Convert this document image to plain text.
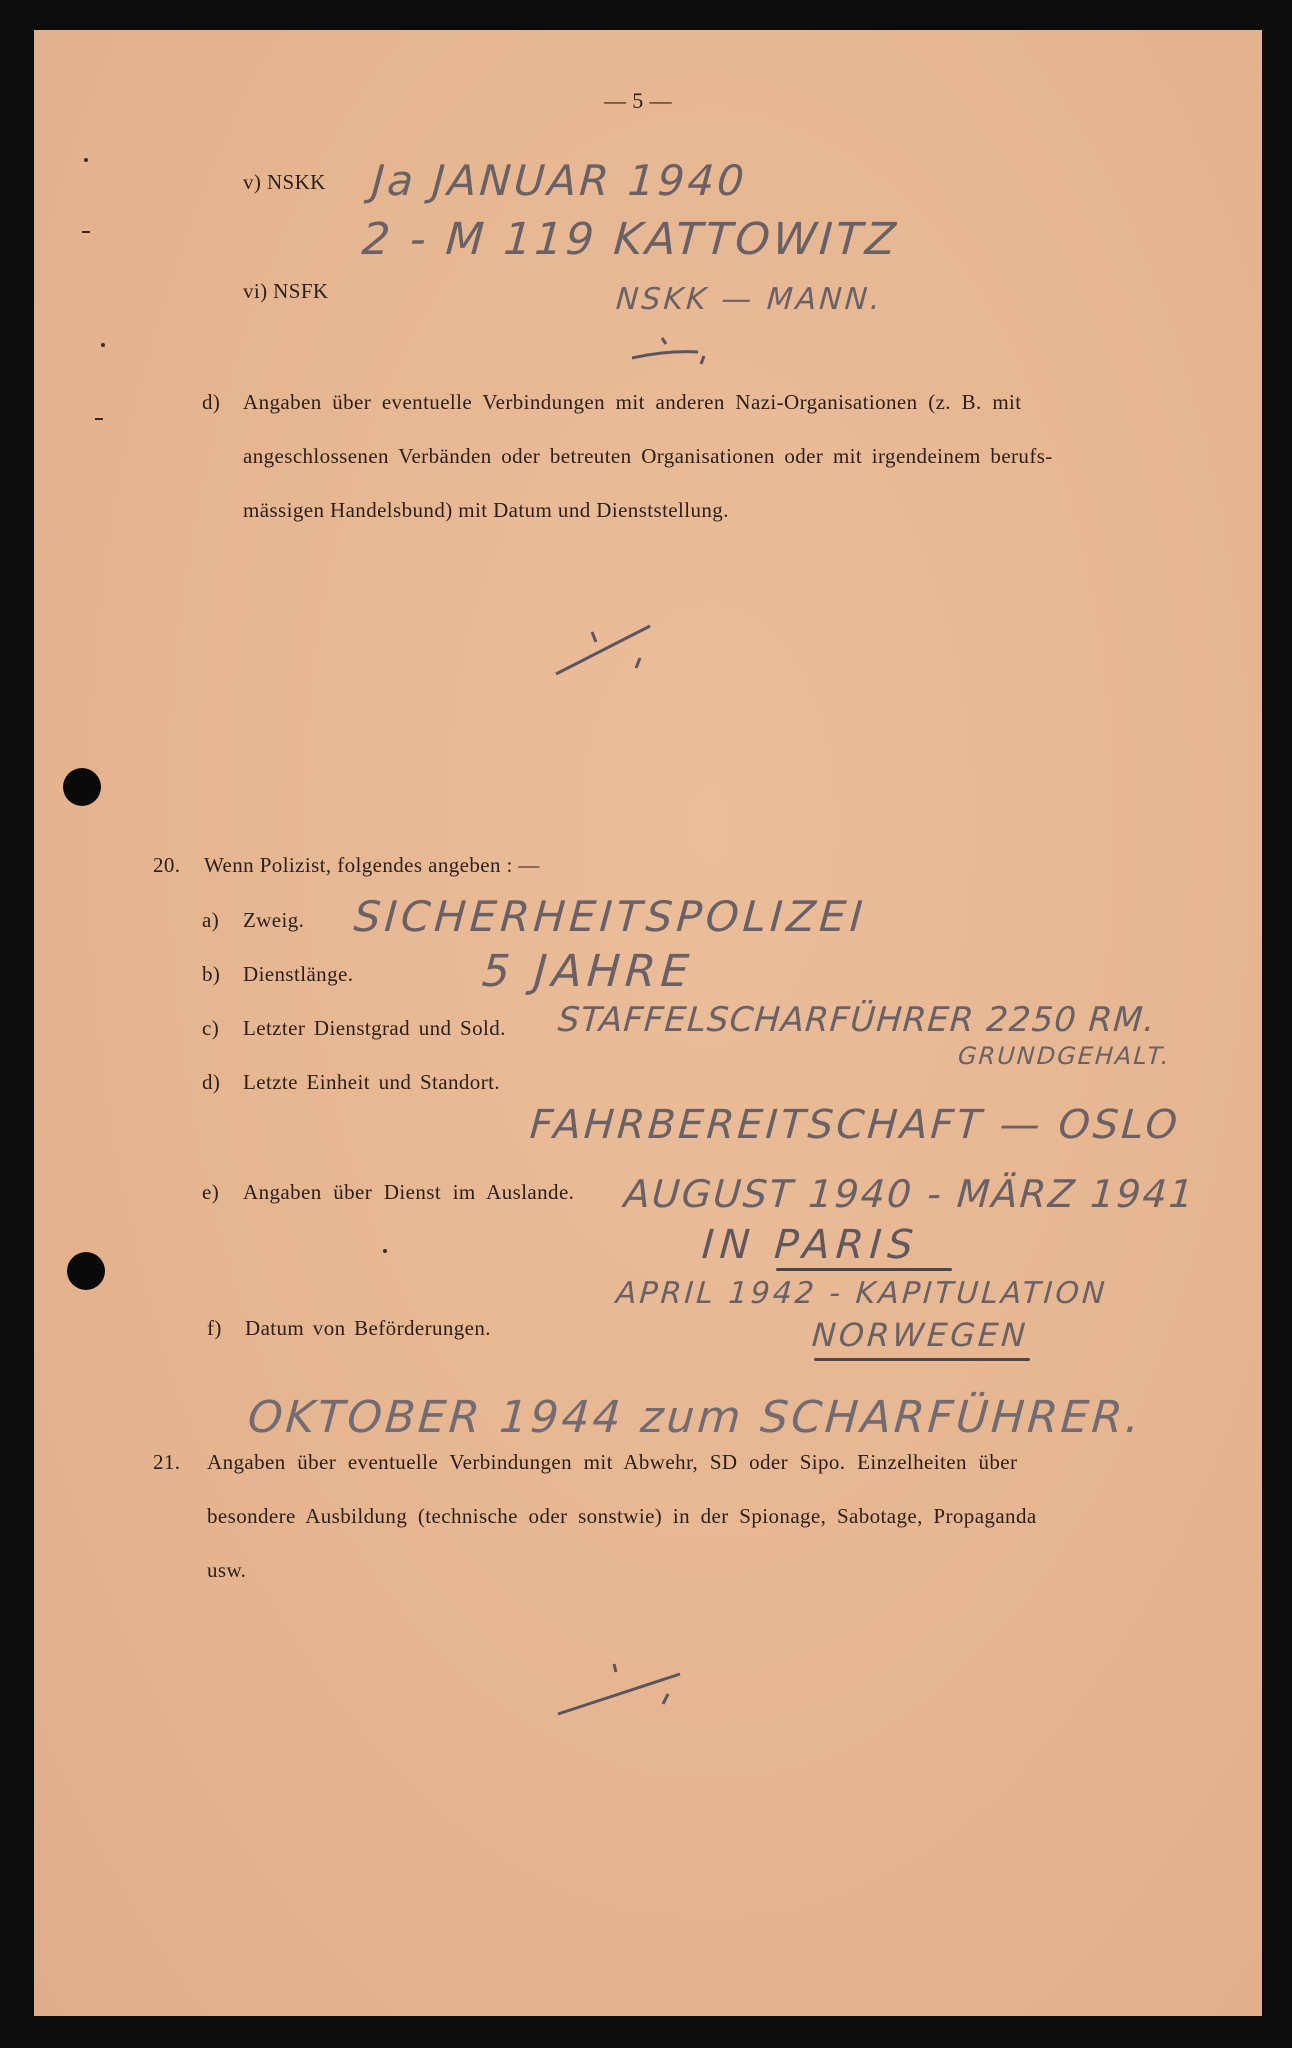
— 5 —
v) NSKK Ja JANUAR 1940
2 - M 119 KATTOWITZ
vi) NSFK	NSKK — MANN.
d) Angaben über eventuelle Verbindungen mit anderen Nazi-Organisationen (z. B. mit
angeschlossenen Verbänden oder betreuten Organisationen oder mit irgendeinem berufs-
mässigen Handelsbund) mit Datum und Dienststellung.
20. Wenn Polizist, folgendes angeben : —
a) Zweig. SICHERHEITSPOLIZEI
b) Dienstlänge.	5 JAHRE
c) Letzter Dienstgrad und Sold. STAFFELSCHARFÜHRER 2250 RM.
GRUNDGEHALT.
d) Letzte Einheit und Standort.
FAHRBEREITSCHAFT — OSLO
e) Angaben über Dienst im Auslande. AUGUST 1940 - MÄRZ 1941
IN PARIS
APRIL 1942 - KAPITULATION
NORWEGEN
f) Datum von Beförderungen.
OKTOBER 1944 zum SCHARFÜHRER.
21. Angaben über eventuelle Verbindungen mit Abwehr, SD oder Sipo. Einzelheiten über
besondere Ausbildung (technische oder sonstwie) in der Spionage, Sabotage, Propaganda
usw.
